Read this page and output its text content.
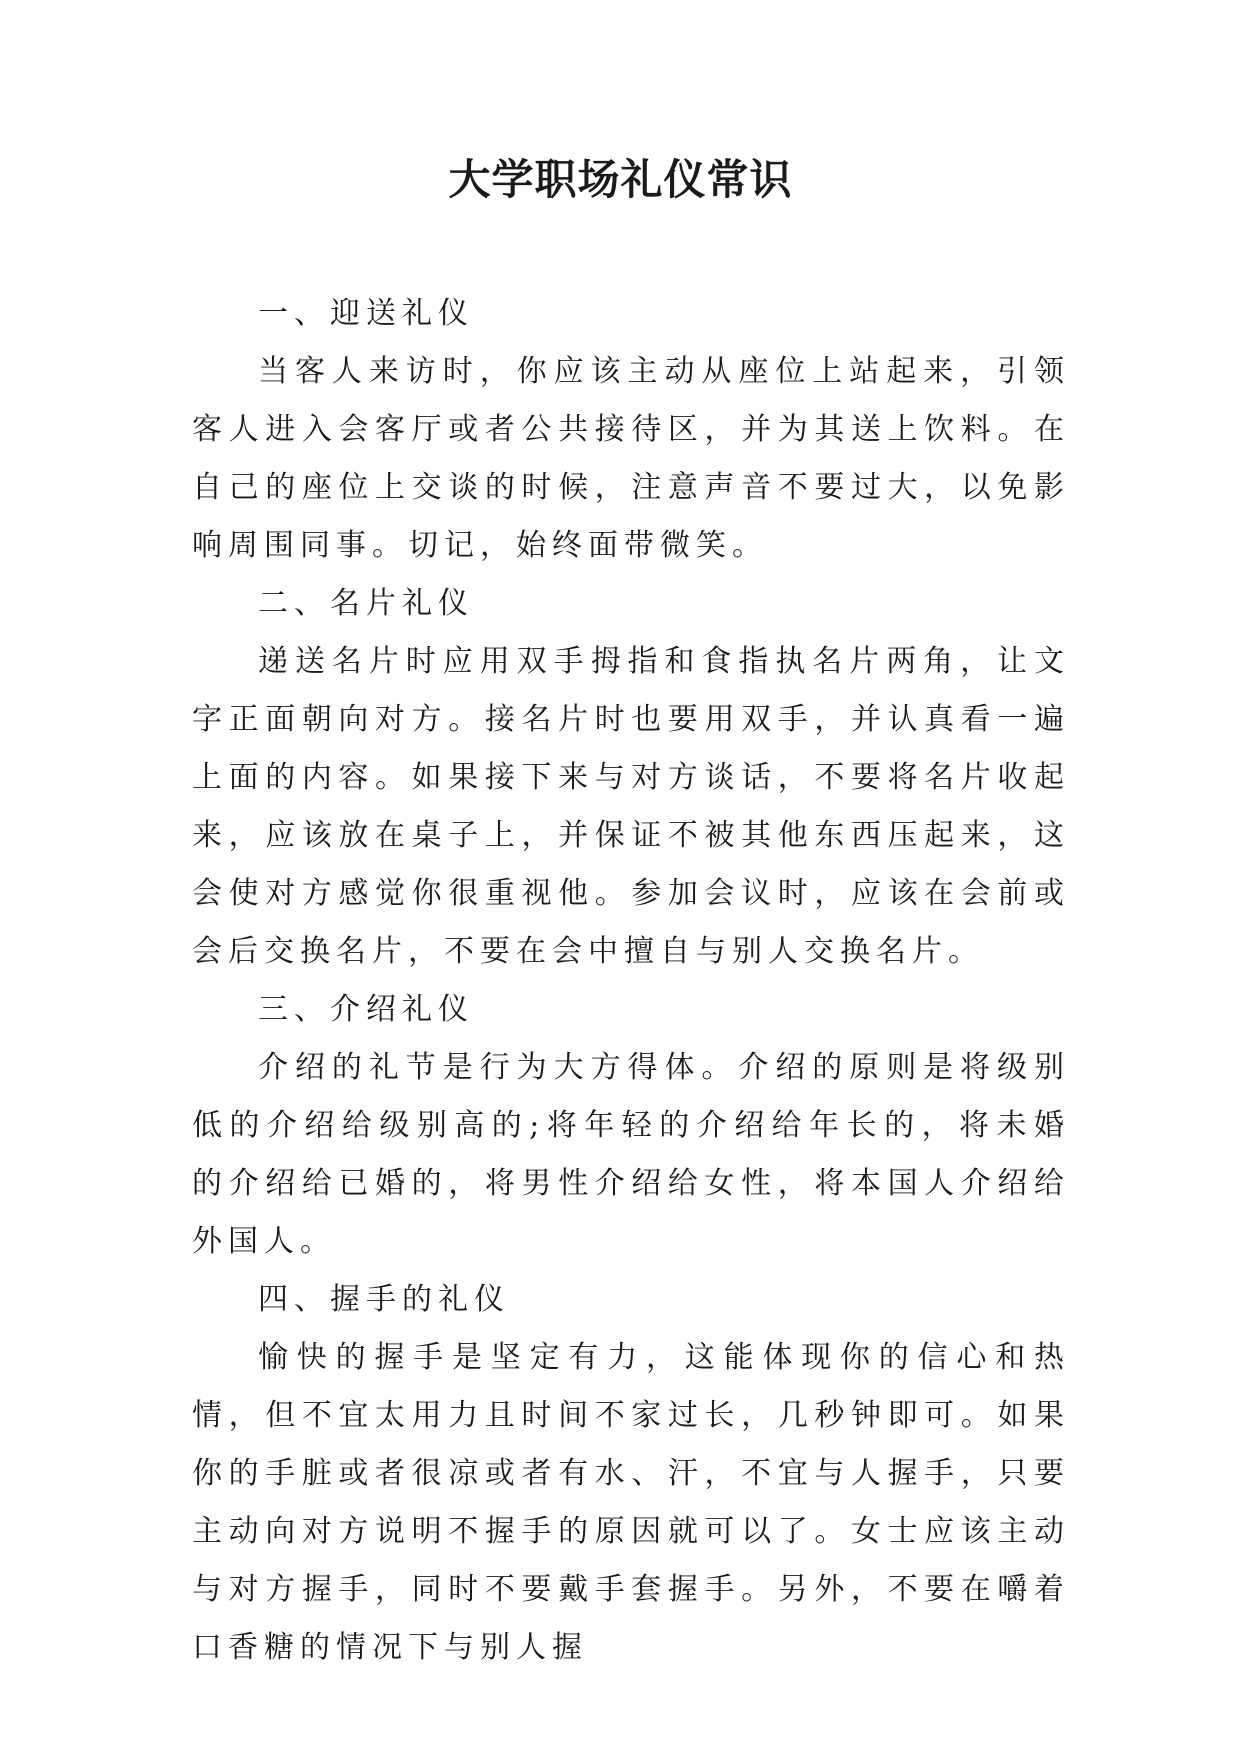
大学职场礼仪常识

一、迎送礼仪

当客人来访时，你应该主动从座位上站起来，引领客人进入会客厅或者公共接待区，并为其送上饮料。在自己的座位上交谈的时候，注意声音不要过大，以免影响周围同事。切记，始终面带微笑。

二、名片礼仪

递送名片时应用双手拇指和食指执名片两角，让文字正面朝向对方。接名片时也要用双手，并认真看一遍上面的内容。如果接下来与对方谈话，不要将名片收起来，应该放在桌子上，并保证不被其他东西压起来，这会使对方感觉你很重视他。参加会议时，应该在会前或会后交换名片，不要在会中擅自与别人交换名片。

三、介绍礼仪

介绍的礼节是行为大方得体。介绍的原则是将级别低的介绍给级别高的;将年轻的介绍给年长的，将未婚的介绍给已婚的，将男性介绍给女性，将本国人介绍给外国人。

四、握手的礼仪

愉快的握手是坚定有力，这能体现你的信心和热情，但不宜太用力且时间不家过长，几秒钟即可。如果你的手脏或者很凉或者有水、汗，不宜与人握手，只要主动向对方说明不握手的原因就可以了。女士应该主动与对方握手，同时不要戴手套握手。另外，不要在嚼着口香糖的情况下与别人握
